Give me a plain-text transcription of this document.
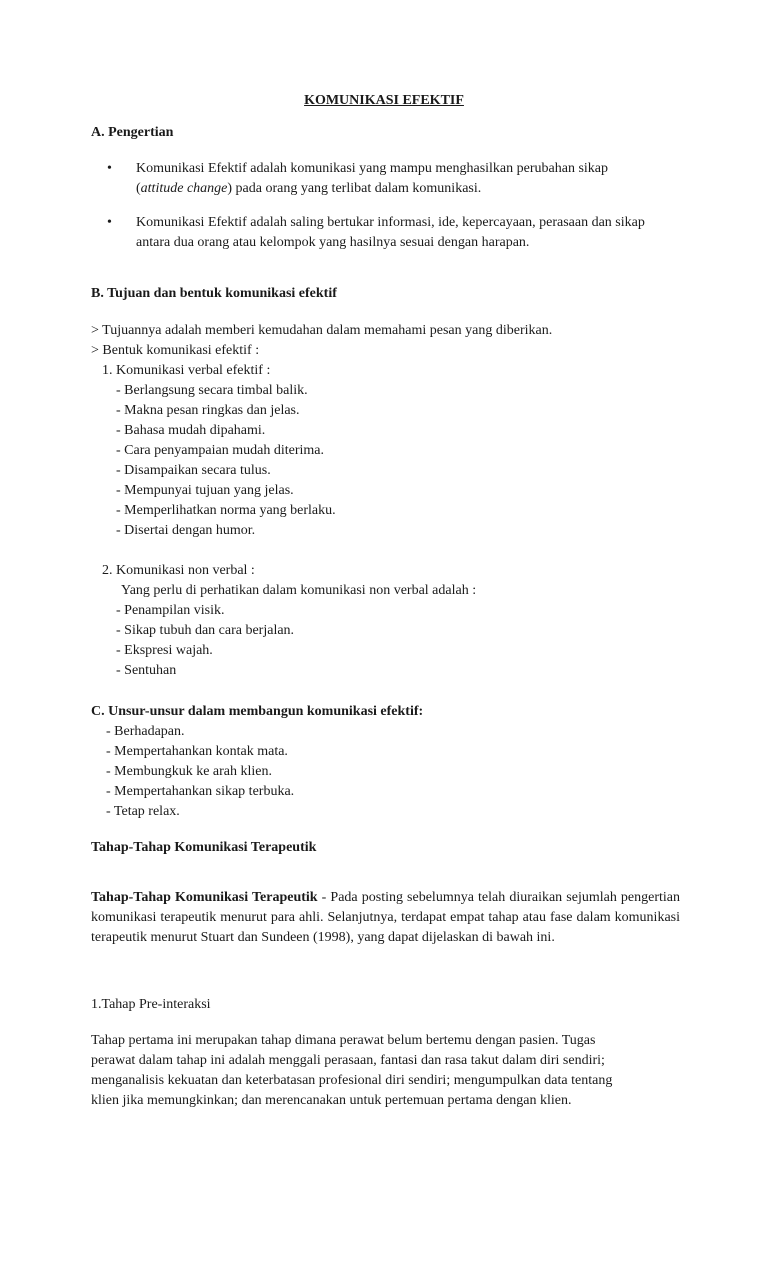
KOMUNIKASI EFEKTIF
A. Pengertian
• Komunikasi Efektif adalah komunikasi yang mampu menghasilkan perubahan sikap (attitude change) pada orang yang terlibat dalam komunikasi.
• Komunikasi Efektif adalah saling bertukar informasi, ide, kepercayaan, perasaan dan sikap antara dua orang atau kelompok yang hasilnya sesuai dengan harapan.
B. Tujuan dan bentuk komunikasi efektif
> Tujuannya adalah memberi kemudahan dalam memahami pesan yang diberikan.
> Bentuk komunikasi efektif :
1. Komunikasi verbal efektif :
- Berlangsung secara timbal balik.
- Makna pesan ringkas dan jelas.
- Bahasa mudah dipahami.
- Cara penyampaian mudah diterima.
- Disampaikan secara tulus.
- Mempunyai tujuan yang jelas.
- Memperlihatkan norma yang berlaku.
- Disertai dengan humor.
2. Komunikasi non verbal :
Yang perlu di perhatikan dalam komunikasi non verbal adalah :
- Penampilan visik.
- Sikap tubuh dan cara berjalan.
- Ekspresi wajah.
- Sentuhan
C. Unsur-unsur dalam membangun komunikasi efektif:
- Berhadapan.
- Mempertahankan kontak mata.
- Membungkuk ke arah klien.
- Mempertahankan sikap terbuka.
- Tetap relax.
Tahap-Tahap Komunikasi Terapeutik
Tahap-Tahap Komunikasi Terapeutik - Pada posting sebelumnya telah diuraikan sejumlah pengertian komunikasi terapeutik menurut para ahli. Selanjutnya, terdapat empat tahap atau fase dalam komunikasi terapeutik menurut Stuart dan Sundeen (1998), yang dapat dijelaskan di bawah ini.
1.Tahap Pre-interaksi
Tahap pertama ini merupakan tahap dimana perawat belum bertemu dengan pasien. Tugas
perawat dalam tahap ini adalah menggali perasaan, fantasi dan rasa takut dalam diri sendiri;
menganalisis kekuatan dan keterbatasan profesional diri sendiri; mengumpulkan data tentang
klien jika memungkinkan; dan merencanakan untuk pertemuan pertama dengan klien.
